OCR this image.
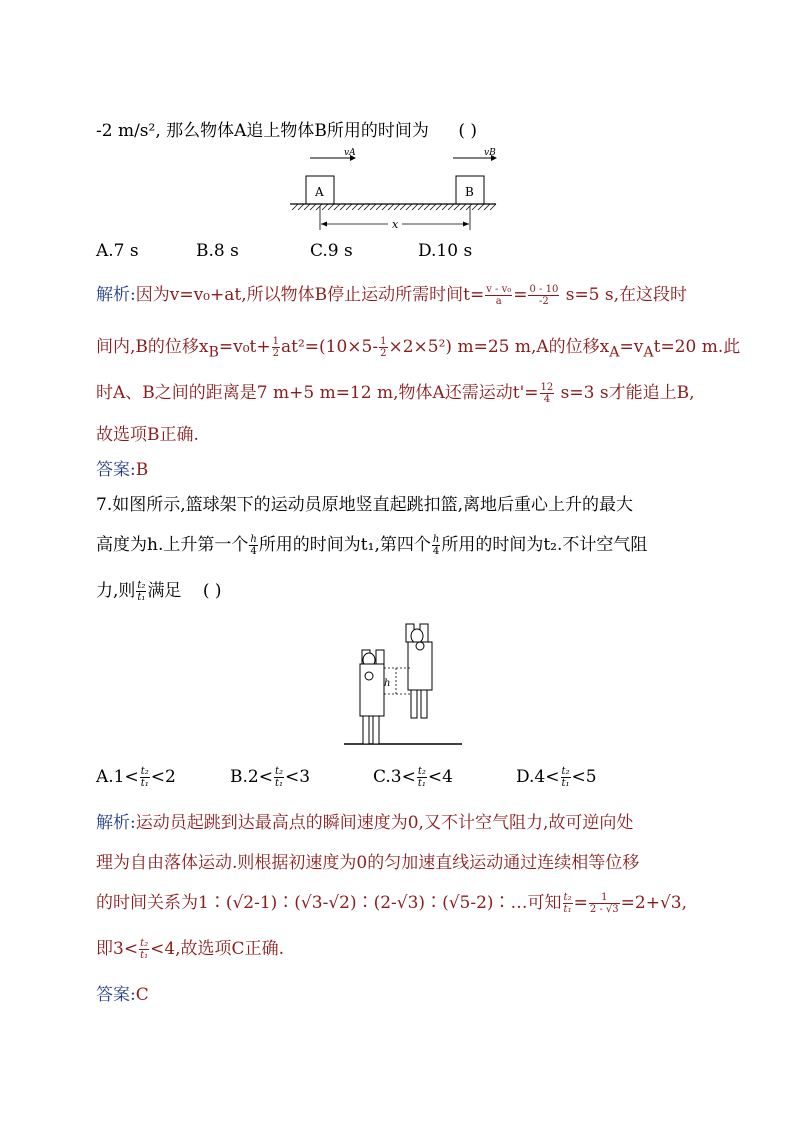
-2 m/s², 那么物体A追上物体B所用的时间为 ( )
vA	vB
A	B
x
A.7 s	B.8 s	C.9 s	D.10 s
解析:因为v=v₀+at,所以物体B停止运动所需时间$t= \frac{\text{v - v₀}}{a} = \frac{0 - 10}{-2} s=5$ s,在这段时
间内,B的位移$x_B=v_0t+ \frac{1}{2} at^2=(10\times 5- \frac{1}{2} \times 2\times 5^2)$ m=25 m,A的位移$x_A=v_At=20$ m.此
时A、B之间的距离是7 m+5 m=12 m,物体A还需运动$t'= \frac{12}{4} s=3$ s才能追上B,
故选项B正确.
答案:B
7.如图所示,篮球架下的运动员原地竖直起跳扣篮,离地后重心上升的最大
高度为h.上升第一个 $\frac{h}{4}$ 所用的时间为t₁,第四个 $\frac{h}{4}$ 所用的时间为t₂.不计空气阻
力,则 $\frac{\text{t₂}}{\text{t₁}}$ 满足 ( )
h
$A.1< \frac{\text{t₂}}{\text{t₁}} <2$	$B.2< \frac{\text{t₂}}{\text{t₁}} <3$	$C.3< \frac{\text{t₂}}{\text{t₁}} <4$	$D.4< \frac{\text{t₂}}{\text{t₁}} <5$
解析:运动员起跳到达最高点的瞬间速度为0,又不计空气阻力,故可逆向处
理为自由落体运动.则根据初速度为0的匀加速直线运动通过连续相等位移
的时间关系为1∶(√2-1)∶(√3-√2)∶(2-√3)∶(√5-2)∶…可知 $\frac{\text{t₂}}{\text{t₁}} = \frac{1}{2 - √3} =2+√3$,
即$3< \frac{\text{t₂}}{\text{t₁}} <4$,故选项C正确.
答案:C
